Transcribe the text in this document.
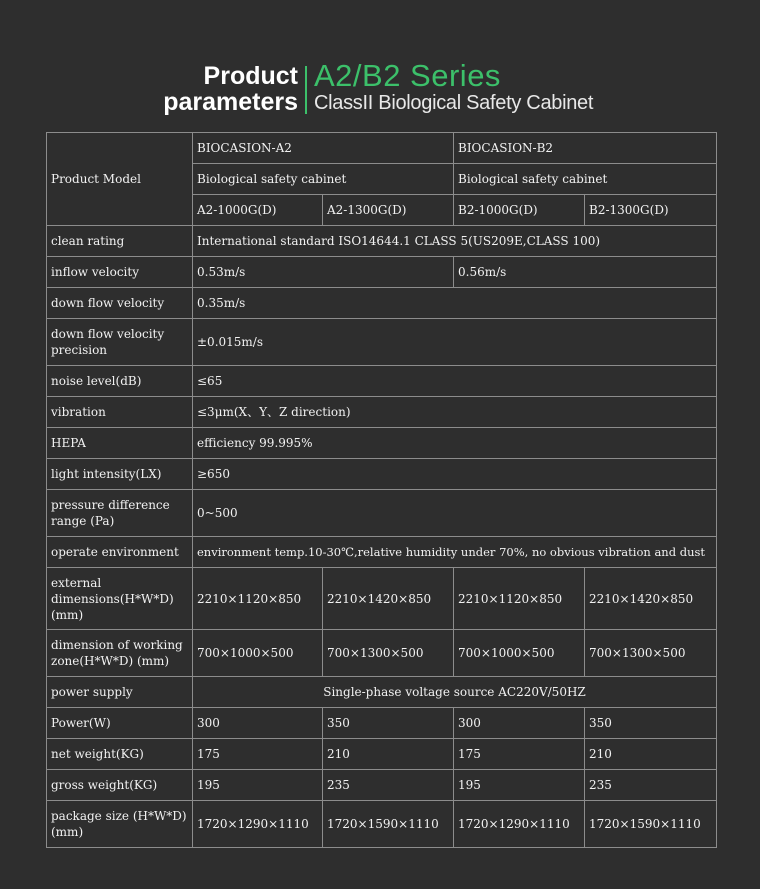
Product
parameters
A2/B2 Series
ClassII Biological Safety Cabinet
Product Model	BIOCASION-A2		BIOCASION-B2	
	Biological safety cabinet		Biological safety cabinet	
	A2-1000G(D)	A2-1300G(D)	B2-1000G(D)	B2-1300G(D)
clean rating	International standard ISO14644.1 CLASS 5(US209E,CLASS 100)			
inflow velocity	0.53m/s		0.56m/s	
down flow velocity	0.35m/s			
down flow velocity precision	±0.015m/s			
noise level(dB)	≤65			
vibration	≤3μm(X、Y、Z direction)			
HEPA	efficiency 99.995%			
light intensity(LX)	≥650			
pressure difference range (Pa)	0~500			
operate environment	environment temp.10-30℃,relative humidity under 70%, no obvious vibration and dust			
external dimensions(H*W*D) (mm)	2210×1120×850	2210×1420×850	2210×1120×850	2210×1420×850
dimension of working zone(H*W*D) (mm)	700×1000×500	700×1300×500	700×1000×500	700×1300×500
power supply	Single-phase voltage source AC220V/50HZ			
Power(W)	300	350	300	350
net weight(KG)	175	210	175	210
gross weight(KG)	195	235	195	235
package size (H*W*D) (mm)	1720×1290×1110	1720×1590×1110	1720×1290×1110	1720×1590×1110
